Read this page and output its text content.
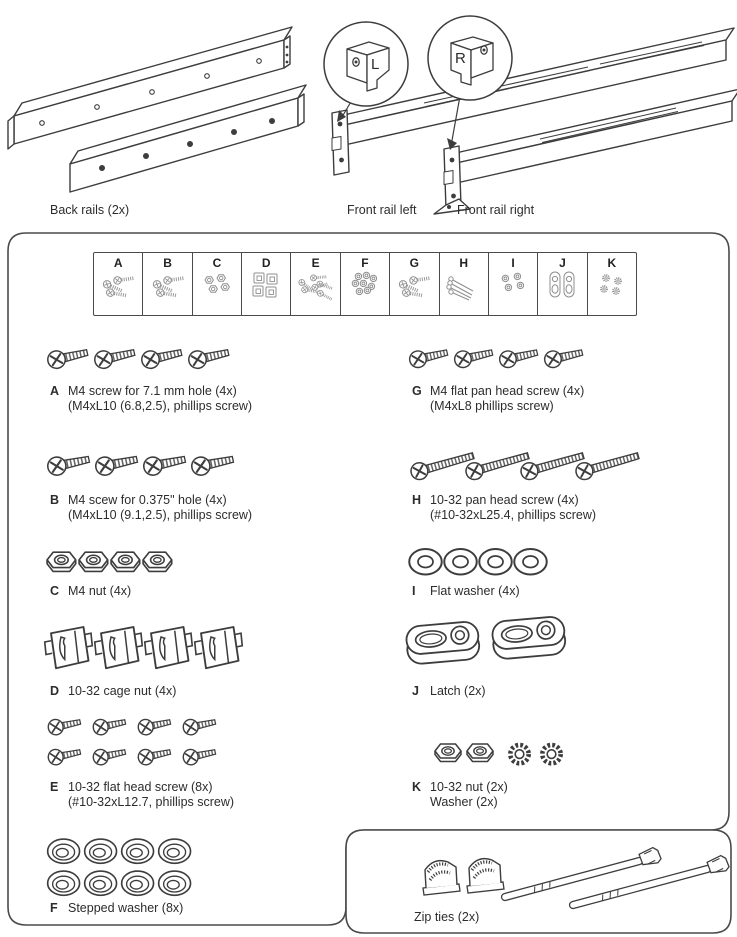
Back rails (2x)	Front rail left	Front rail right
L	R
A	B	C	D	E	F	G	H	I	J	K
A M4 screw for 7.1 mm hole (4x)
(M4xL10 (6.8,2.5), phillips screw)
G M4 flat pan head screw (4x)
(M4xL8 phillips screw)
B M4 scew for 0.375" hole (4x)
(M4xL10 (9.1,2.5), phillips screw)
H 10-32 pan head screw (4x)
(#10-32xL25.4, phillips screw)
C M4 nut (4x)	I	Flat washer (4x)
D 10-32 cage nut (4x)	J Latch (2x)
E 10-32 flat head screw (8x)
(#10-32xL12.7, phillips screw)
K 10-32 nut (2x)
Washer (2x)
F Stepped washer (8x)
Zip ties (2x)
